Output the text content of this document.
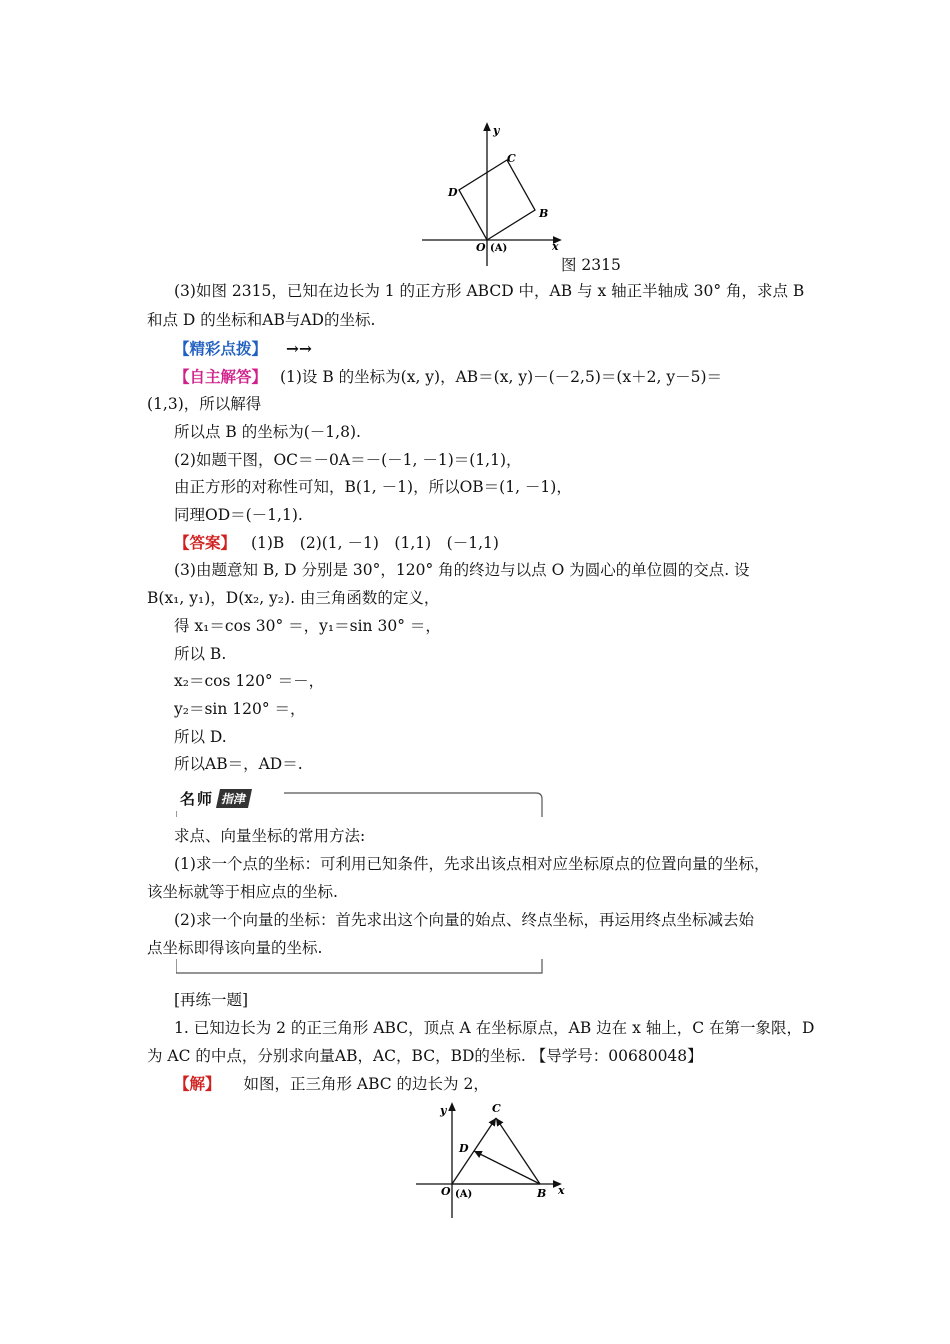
y
x
C
D
B
O (A)
图 2315
(3)如图 2315，已知在边长为 1 的正方形 ABCD 中，AB 与 x 轴正半轴成 30° 角，求点 B
和点 D 的坐标和AB与AD的坐标.
【精彩点拨】 →→
【自主解答】 (1)设 B 的坐标为(x, y)，AB＝(x, y)－(－2,5)＝(x＋2, y－5)＝
(1,3)，所以解得
所以点 B 的坐标为(－1,8).
(2)如题干图，OC＝－0A＝－(－1, －1)＝(1,1)，
由正方形的对称性可知，B(1, －1)，所以OB＝(1, －1)，
同理OD＝(－1,1).
【答案】 (1)B　(2)(1, －1)　(1,1)　(－1,1)
(3)由题意知 B, D 分别是 30°，120° 角的终边与以点 O 为圆心的单位圆的交点. 设
B(x₁, y₁)，D(x₂, y₂). 由三角函数的定义，
得 x₁＝cos 30° ＝，y₁＝sin 30° ＝，
所以 B.
x₂＝cos 120° ＝－，
y₂＝sin 120° ＝，
所以 D.
所以AB＝，AD＝.
名师 指津
求点、向量坐标的常用方法:
(1)求一个点的坐标：可利用已知条件，先求出该点相对应坐标原点的位置向量的坐标，
该坐标就等于相应点的坐标.
(2)求一个向量的坐标：首先求出这个向量的始点、终点坐标，再运用终点坐标减去始
点坐标即得该向量的坐标.
[再练一题]
1. 已知边长为 2 的正三角形 ABC，顶点 A 在坐标原点，AB 边在 x 轴上，C 在第一象限，D
为 AC 的中点，分别求向量AB，AC，BC，BD的坐标. 【导学号：00680048】
【解】 如图，正三角形 ABC 的边长为 2，
y
x
C
D
B
O (A)
